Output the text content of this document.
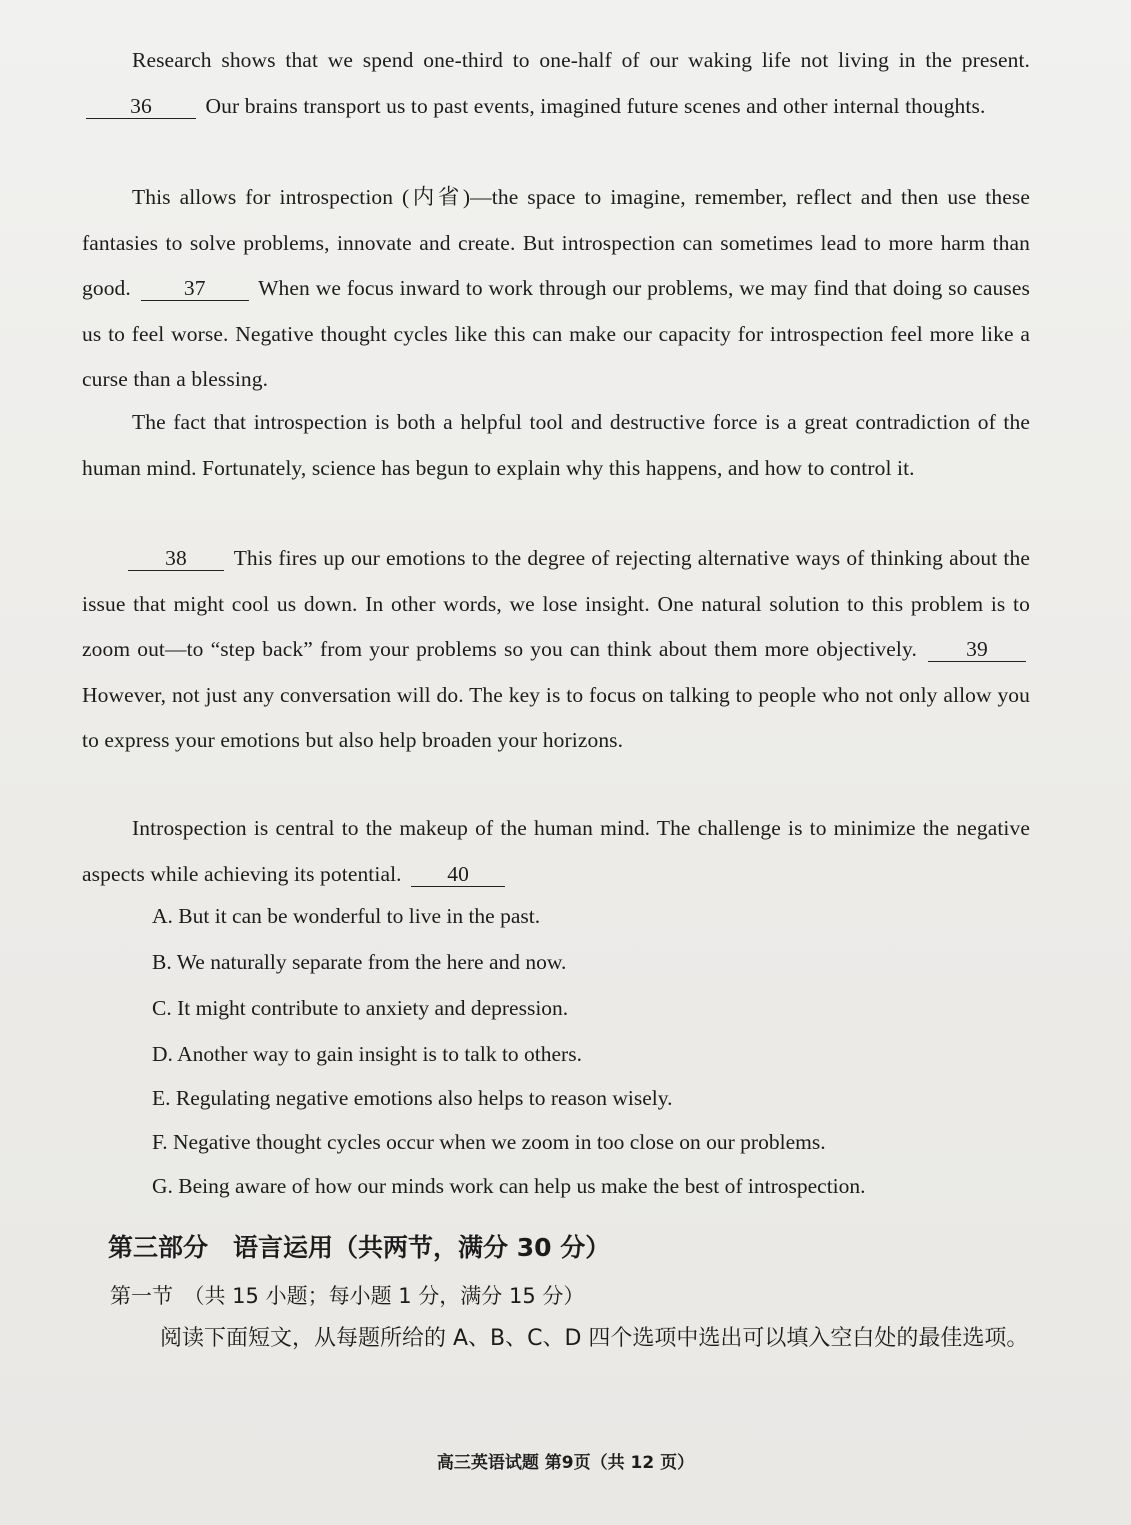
Research shows that we spend one-third to one-half of our waking life not living in the present. 36 Our brains transport us to past events, imagined future scenes and other internal thoughts.

This allows for introspection (内省)—the space to imagine, remember, reflect and then use these fantasies to solve problems, innovate and create. But introspection can sometimes lead to more harm than good. 37 When we focus inward to work through our problems, we may find that doing so causes us to feel worse. Negative thought cycles like this can make our capacity for introspection feel more like a curse than a blessing.

The fact that introspection is both a helpful tool and destructive force is a great contradiction of the human mind. Fortunately, science has begun to explain why this happens, and how to control it.

38 This fires up our emotions to the degree of rejecting alternative ways of thinking about the issue that might cool us down. In other words, we lose insight. One natural solution to this problem is to zoom out—to “step back” from your problems so you can think about them more objectively. 39 However, not just any conversation will do. The key is to focus on talking to people who not only allow you to express your emotions but also help broaden your horizons.

Introspection is central to the makeup of the human mind. The challenge is to minimize the negative aspects while achieving its potential. 40

A. But it can be wonderful to live in the past.
B. We naturally separate from the here and now.
C. It might contribute to anxiety and depression.
D. Another way to gain insight is to talk to others.
E. Regulating negative emotions also helps to reason wisely.
F. Negative thought cycles occur when we zoom in too close on our problems.
G. Being aware of how our minds work can help us make the best of introspection.
第三部分　语言运用（共两节，满分 30 分）
第一节　（共 15 小题；每小题 1 分，满分 15 分）
阅读下面短文，从每题所给的 A、B、C、D 四个选项中选出可以填入空白处的最佳选项。
高三英语试题 第9页（共 12 页）
